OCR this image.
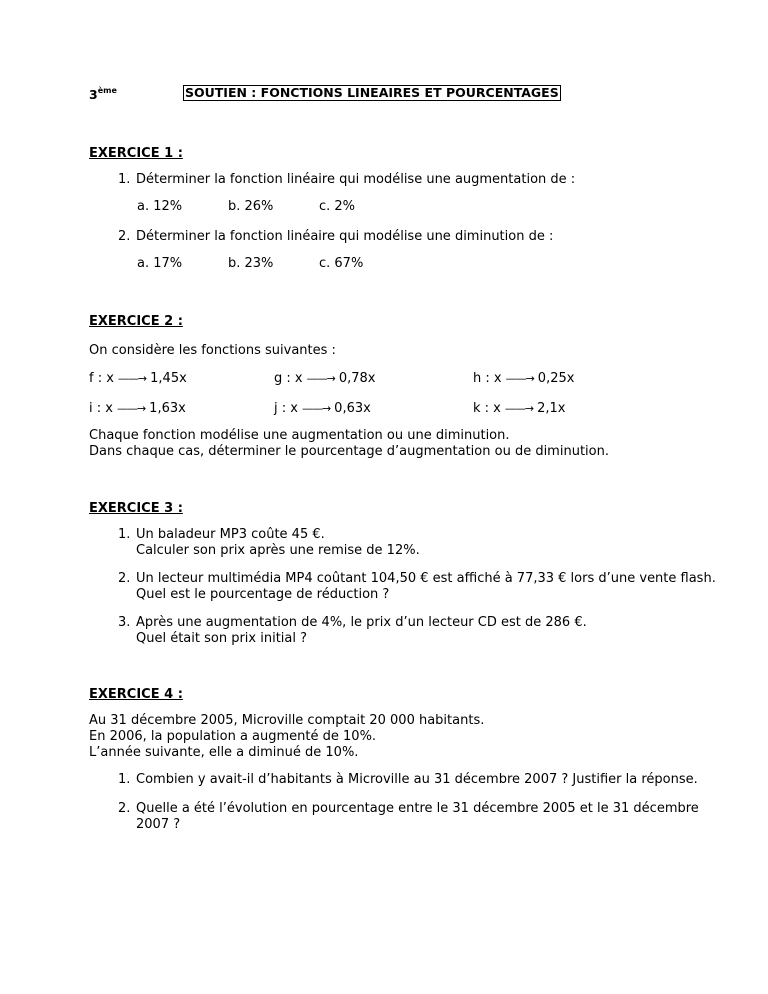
3ème	SOUTIEN : FONCTIONS LINEAIRES ET POURCENTAGES
EXERCICE 1 :
1. Déterminer la fonction linéaire qui modélise une augmentation de :
a. 12%	b. 26%	c. 2%
2. Déterminer la fonction linéaire qui modélise une diminution de :
a. 17%	b. 23%	c. 67%
EXERCICE 2 :
On considère les fonctions suivantes :
f : x ——→ 1,45x	g : x ——→ 0,78x	h : x ——→ 0,25x
i : x ——→ 1,63x	j : x ——→ 0,63x	k : x ——→ 2,1x
Chaque fonction modélise une augmentation ou une diminution.
Dans chaque cas, déterminer le pourcentage d’augmentation ou de diminution.
EXERCICE 3 :
1. Un baladeur MP3 coûte 45 €.
Calculer son prix après une remise de 12%.
2. Un lecteur multimédia MP4 coûtant 104,50 € est affiché à 77,33 € lors d’une vente flash.
Quel est le pourcentage de réduction ?
3. Après une augmentation de 4%, le prix d’un lecteur CD est de 286 €.
Quel était son prix initial ?
EXERCICE 4 :
Au 31 décembre 2005, Microville comptait 20 000 habitants.
En 2006, la population a augmenté de 10%.
L’année suivante, elle a diminué de 10%.
1. Combien y avait-il d’habitants à Microville au 31 décembre 2007 ? Justifier la réponse.
2. Quelle a été l’évolution en pourcentage entre le 31 décembre 2005 et le 31 décembre
2007 ?
